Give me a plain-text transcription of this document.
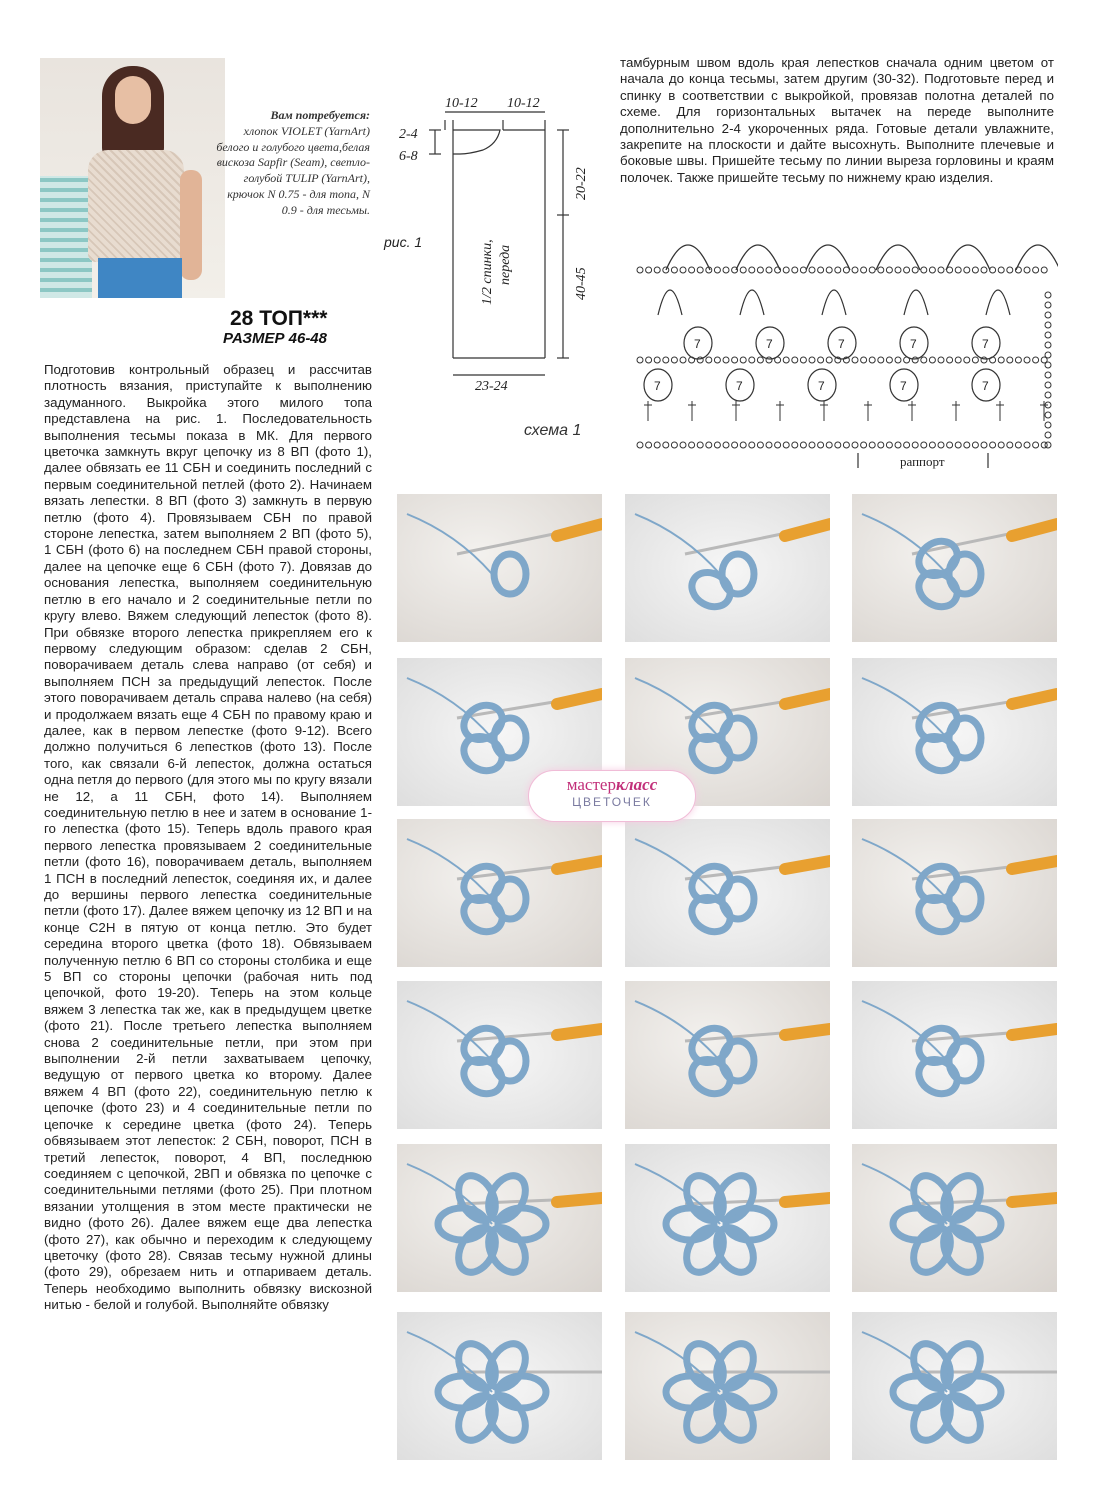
Вам потребуется:
хлопок VIOLET (YarnArt) белого и голубого цвета,белая вискоза Sapfir (Seam), светло-голубой TULIP (YarnArt), крючок N 0.75 - для топа, N 0.9 - для тесьмы.
28 ТОП***
РАЗМЕР 46-48
рис. 1
10-12 10-12
2-4
6-8
20-22
40-45
23-24
1/2 спинки, переда
тамбурным швом вдоль края лепестков сначала одним цветом от начала до конца тесьмы, затем другим (30-32). Подготовьте перед и спинку в соответствии с выкройкой, провязав полотна деталей по схеме. Для горизонтальных вытачек на переде выполните дополнительно 2-4 укороченных ряда. Готовые детали увлажните, закрепите на плоскости и дайте высохнуть. Выполните плечевые и боковые швы. Пришейте тесьму по линии выреза горловины и краям полочек. Также пришейте тесьму по нижнему краю изделия.
7	7	7	7	7
7	7	7	7	7
раппорт
схема 1
Подготовив контрольный образец и рассчитав плотность вязания, приступайте к выполнению задуманного. Выкройка этого милого топа представлена на рис. 1. Последовательность выполнения тесьмы показа в МК. Для первого цветочка замкнуть вкруг цепочку из 8 ВП (фото 1), далее обвязать ее 11 СБН и соединить последний с первым соединительной петлей (фото 2). Начинаем вязать лепестки. 8 ВП (фото 3) замкнуть в первую петлю (фото 4). Провязываем СБН по правой стороне лепестка, затем выполняем 2 ВП (фото 5), 1 СБН (фото 6) на последнем СБН правой стороны, далее на цепочке еще 6 СБН (фото 7). Довязав до основания лепестка, выполняем соединительную петлю в его начало и 2 соединительные петли по кругу влево. Вяжем следующий лепесток (фото 8). При обвязке второго лепестка прикрепляем его к первому следующим образом: сделав 2 СБН, поворачиваем деталь слева направо (от себя) и выполняем ПСН за предыдущий лепесток. После этого поворачиваем деталь справа налево (на себя) и продолжаем вязать еще 4 СБН по правому краю и далее, как в первом лепестке (фото 9-12). Всего должно получиться 6 лепестков (фото 13). После того, как связали 6-й лепесток, должна остаться одна петля до первого (для этого мы по кругу вязали не 12, а 11 СБН, фото 14). Выполняем соединительную петлю в нее и затем в основание 1-го лепестка (фото 15). Теперь вдоль правого края первого лепестка провязываем 2 соединительные петли (фото 16), поворачиваем деталь, выполняем 1 ПСН в последний лепесток, соединяя их, и далее до вершины первого лепестка соединительные петли (фото 17). Далее вяжем цепочку из 12 ВП и на конце С2Н в пятую от конца петлю. Это будет середина второго цветка (фото 18). Обвязываем полученную петлю 6 ВП со стороны столбика и еще 5 ВП со стороны цепочки (рабочая нить под цепочкой, фото 19-20). Теперь на этом кольце вяжем 3 лепестка так же, как в предыдущем цветке (фото 21). После третьего лепестка выполняем снова 2 соединительные петли, при этом при выполнении 2-й петли захватываем цепочку, ведущую от первого цветка ко второму. Далее вяжем 4 ВП (фото 22), соединительную петлю к цепочке (фото 23) и 4 соединительные петли по цепочке к середине цветка (фото 24). Теперь обвязываем этот лепесток: 2 СБН, поворот, ПСН в третий лепесток, поворот, 4 ВП, последнюю соединяем с цепочкой, 2ВП и обвязка по цепочке с соединительными петлями (фото 25). При плотном вязании утолщения в этом месте практически не видно (фото 26). Далее вяжем еще два лепестка (фото 27), как обычно и переходим к следующему цветочку (фото 28). Связав тесьму нужной длины (фото 29), обрезаем нить и отпариваем деталь. Теперь необходимо выполнить обвязку вискозной нитью - белой и голубой. Выполняйте обвязку
мастеркласс
ЦВЕТОЧЕК
